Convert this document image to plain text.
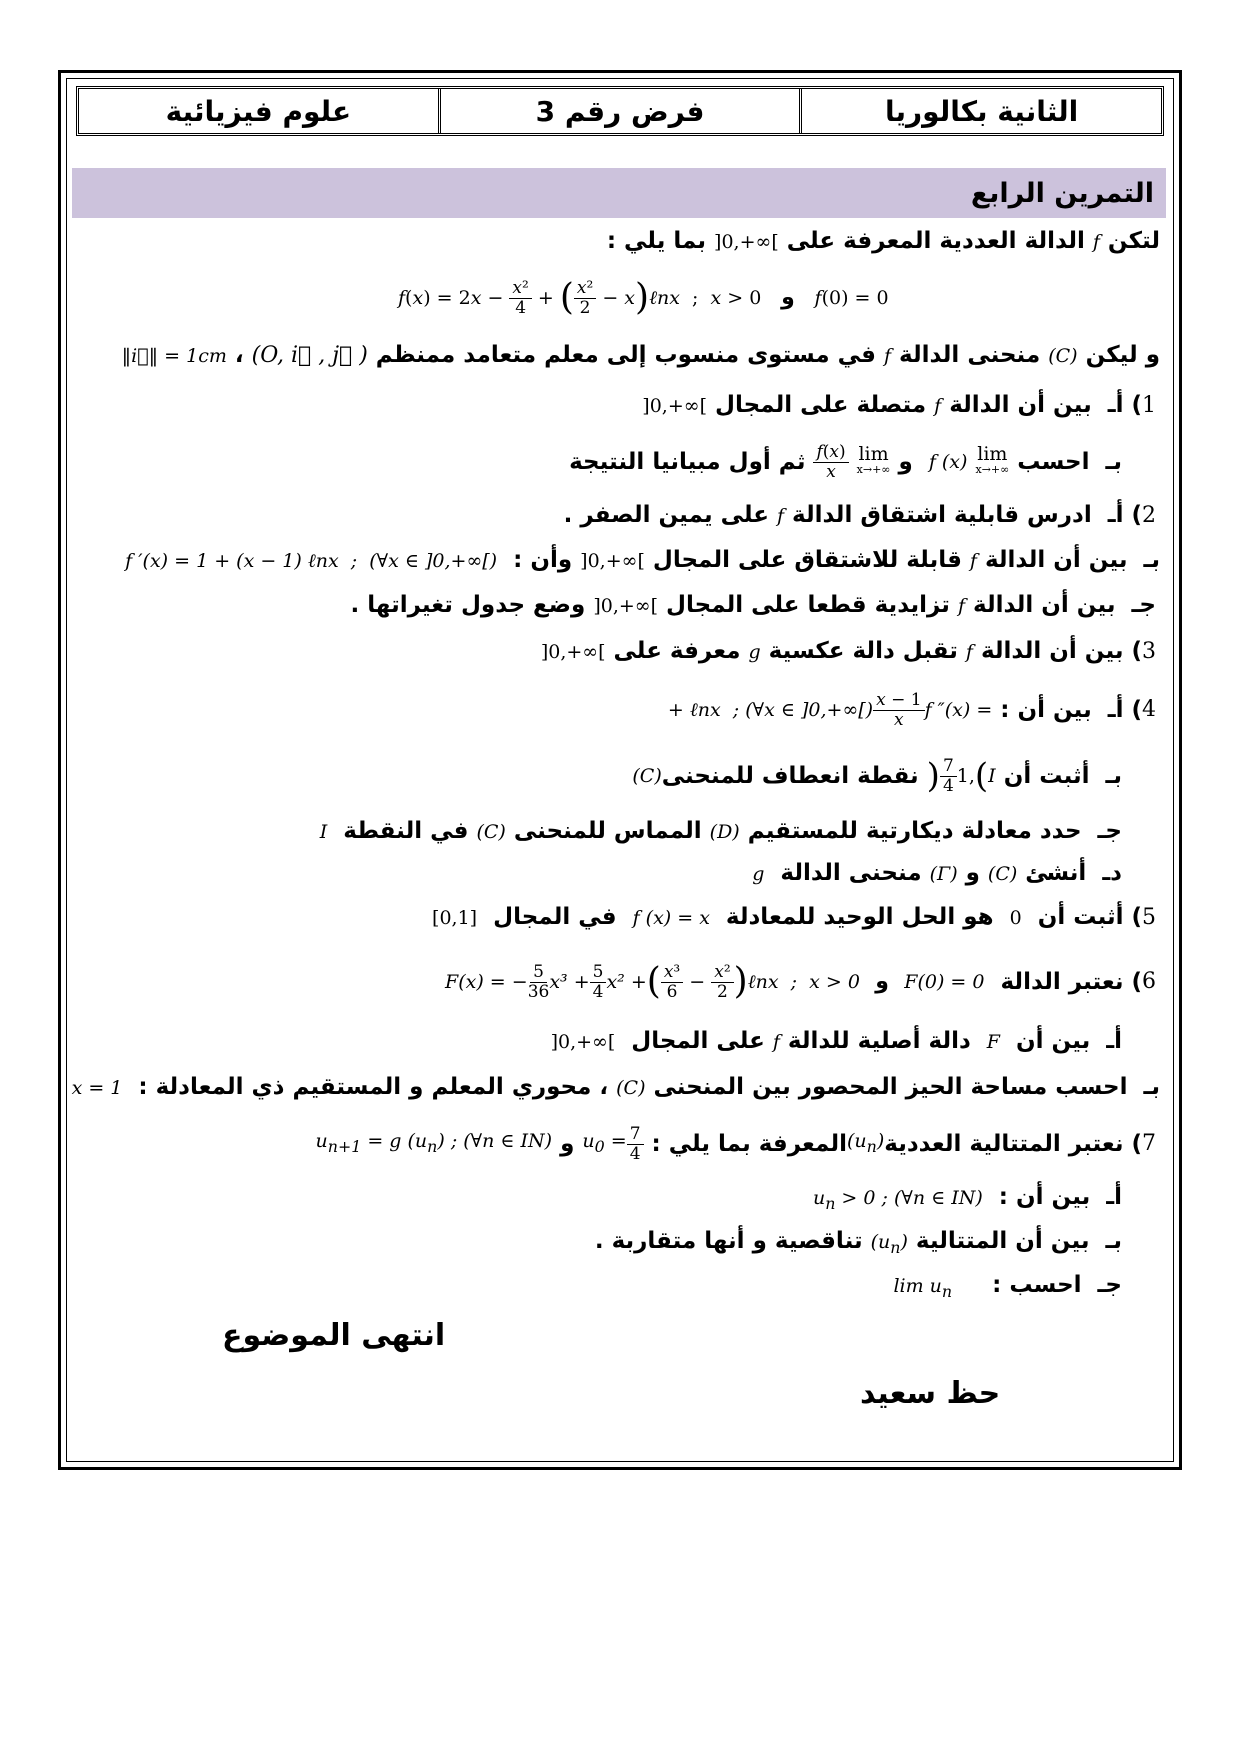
الثانية بكالوريا
فرض رقم 3
علوم فيزيائية
التمرين الرابع
لتكن f الدالة العددية المعرفة على ]0,+∞[ بما يلي :
f ( x ) = 2 $x - \frac{\text{x²}}{4}$ + ( $\frac{\text{x²}}{2} - x$ ) ℓnx ; x > 0 و
f (0) = 0
و ليكن (C) منحنى الدالة f في مستوى منسوب إلى معلم متعامد ممنظم (O, i⃗ , j⃗ ) ، ‖i⃗‖ = 1cm
1) أـ  بين أن الدالة f متصلة على المجال ]0,+∞[
بـ  احسب
lim
x→+∞

f (x)
و
lim
x→+∞

$\frac{f(x)}{x}$
ثم أول مبيانيا النتيجة
2) أـ  ادرس قابلية اشتقاق الدالة f على يمين الصفر .
بـ  بين أن الدالة f قابلة للاشتقاق على المجال ]0,+∞[ وأن :  f ′(x) = 1 + (x − 1) ℓnx  ;  (∀x ∈ ]0,+∞[)
جـ  بين أن الدالة f تزايدية قطعا على المجال ]0,+∞[ وضع جدول تغيراتها .
3) بين أن الدالة f تقبل دالة عكسية g معرفة على ]0,+∞[
4
) أـ  بين أن :
f ″(x) =
$\frac{x - 1}{x}$
+ ℓnx  ; (∀x ∈ ]0,+∞[)
بـ  أثبت أن
I
(
1,
$\frac{7}{4}$
)
نقطة انعطاف للمنحنى
(C)
جـ  حدد معادلة ديكارتية للمستقيم (D) المماس للمنحنى (C) في النقطة  I
دـ  أنشئ (C) و (Γ) منحنى الدالة  g
5) أثبت أن  0  هو الحل الوحيد للمعادلة  f (x) = x  في المجال  [0,1]
6
) نعتبر الدالة
F(x) = − $\frac{5}{36} x^3 + \frac{5}{4} x^2$ + ( $\frac{\text{x³}}{6} - \frac{\text{x²}}{2}$ ) ℓnx  ;  x > 0 و F(0) = 0
أـ  بين أن  F  دالة أصلية للدالة f على المجال  ]0,+∞[
بـ  احسب مساحة الحيز المحصور بين المنحنى (C) ، محوري المعلم و المستقيم ذي المعادلة :  x = 1
7
) نعتبر المتتالية العددية
$(u_n)$
المعرفة بما يلي :
$u_0 = \frac{7}{4}$
و
$u_{n+1} = g$ $(u_n)$ ; (∀n ∈ IN)
أـ  بين أن :  $u_n > 0$ ; (∀n ∈ IN)
بـ  بين أن المتتالية $(u_n)$ تناقصية و أنها متقاربة .
جـ  احسب :     $\lim u_n$
انتهى الموضوع
حظ سعيد
